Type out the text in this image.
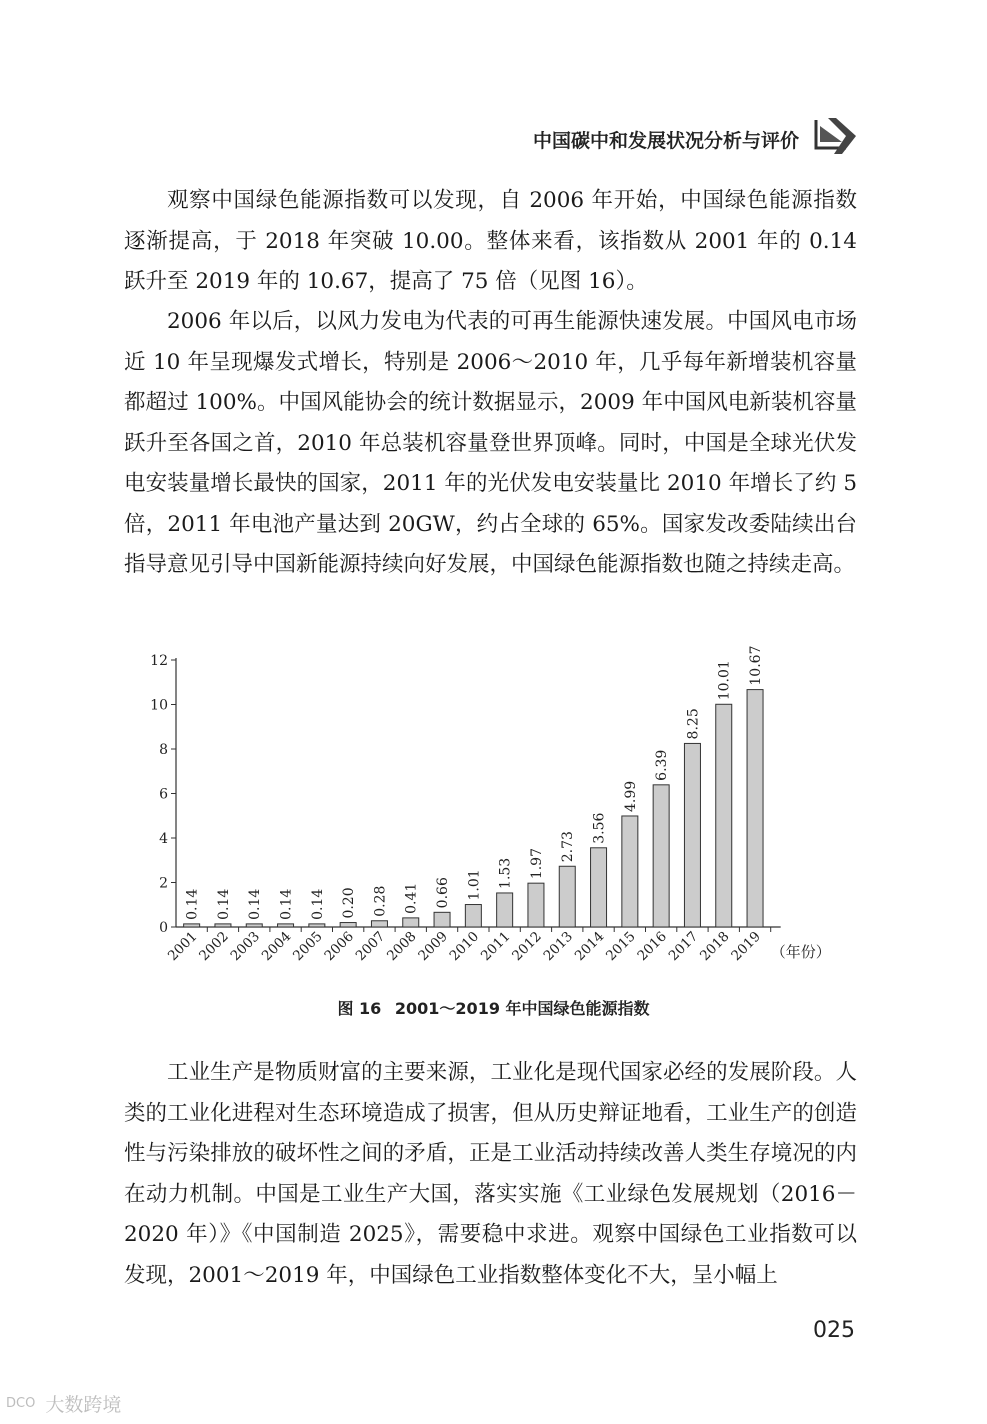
中国碳中和发展状况分析与评价

观察中国绿色能源指数可以发现，自 2006 年开始，中国绿色能源指数逐渐提高，于 2018 年突破 10.00。整体来看，该指数从 2001 年的 0.14 跃升至 2019 年的 10.67，提高了 75 倍（见图 16）。

2006 年以后，以风力发电为代表的可再生能源快速发展。中国风电市场近 10 年呈现爆发式增长，特别是 2006～2010 年，几乎每年新增装机容量都超过 100%。中国风能协会的统计数据显示，2009 年中国风电新装机容量跃升至各国之首，2010 年总装机容量登世界顶峰。同时，中国是全球光伏发电安装量增长最快的国家，2011 年的光伏发电安装量比 2010 年增长了约 5 倍，2011 年电池产量达到 20GW，约占全球的 65%。国家发改委陆续出台指导意见引导中国新能源持续向好发展，中国绿色能源指数也随之持续走高。

0
2
4
6
8
10
12
0.14
2001
0.14
2002
0.14
2003
0.14
2004
0.14
2005
0.20
2006
0.28
2007
0.41
2008
0.66
2009
1.01
2010
1.53
2011
1.97
2012
2.73
2013
3.56
2014
4.99
2015
6.39
2016
8.25
2017
10.01
2018
10.67
2019 （年份）
图 16 2001～2019 年中国绿色能源指数

工业生产是物质财富的主要来源，工业化是现代国家必经的发展阶段。人类的工业化进程对生态环境造成了损害，但从历史辩证地看，工业生产的创造性与污染排放的破坏性之间的矛盾，正是工业活动持续改善人类生存境况的内在动力机制。中国是工业生产大国，落实实施《工业绿色发展规划（2016－2020 年）》《中国制造 2025》，需要稳中求进。观察中国绿色工业指数可以发现，2001～2019 年，中国绿色工业指数整体变化不大，呈小幅上

025
$^{DCO}$ 大数跨境
